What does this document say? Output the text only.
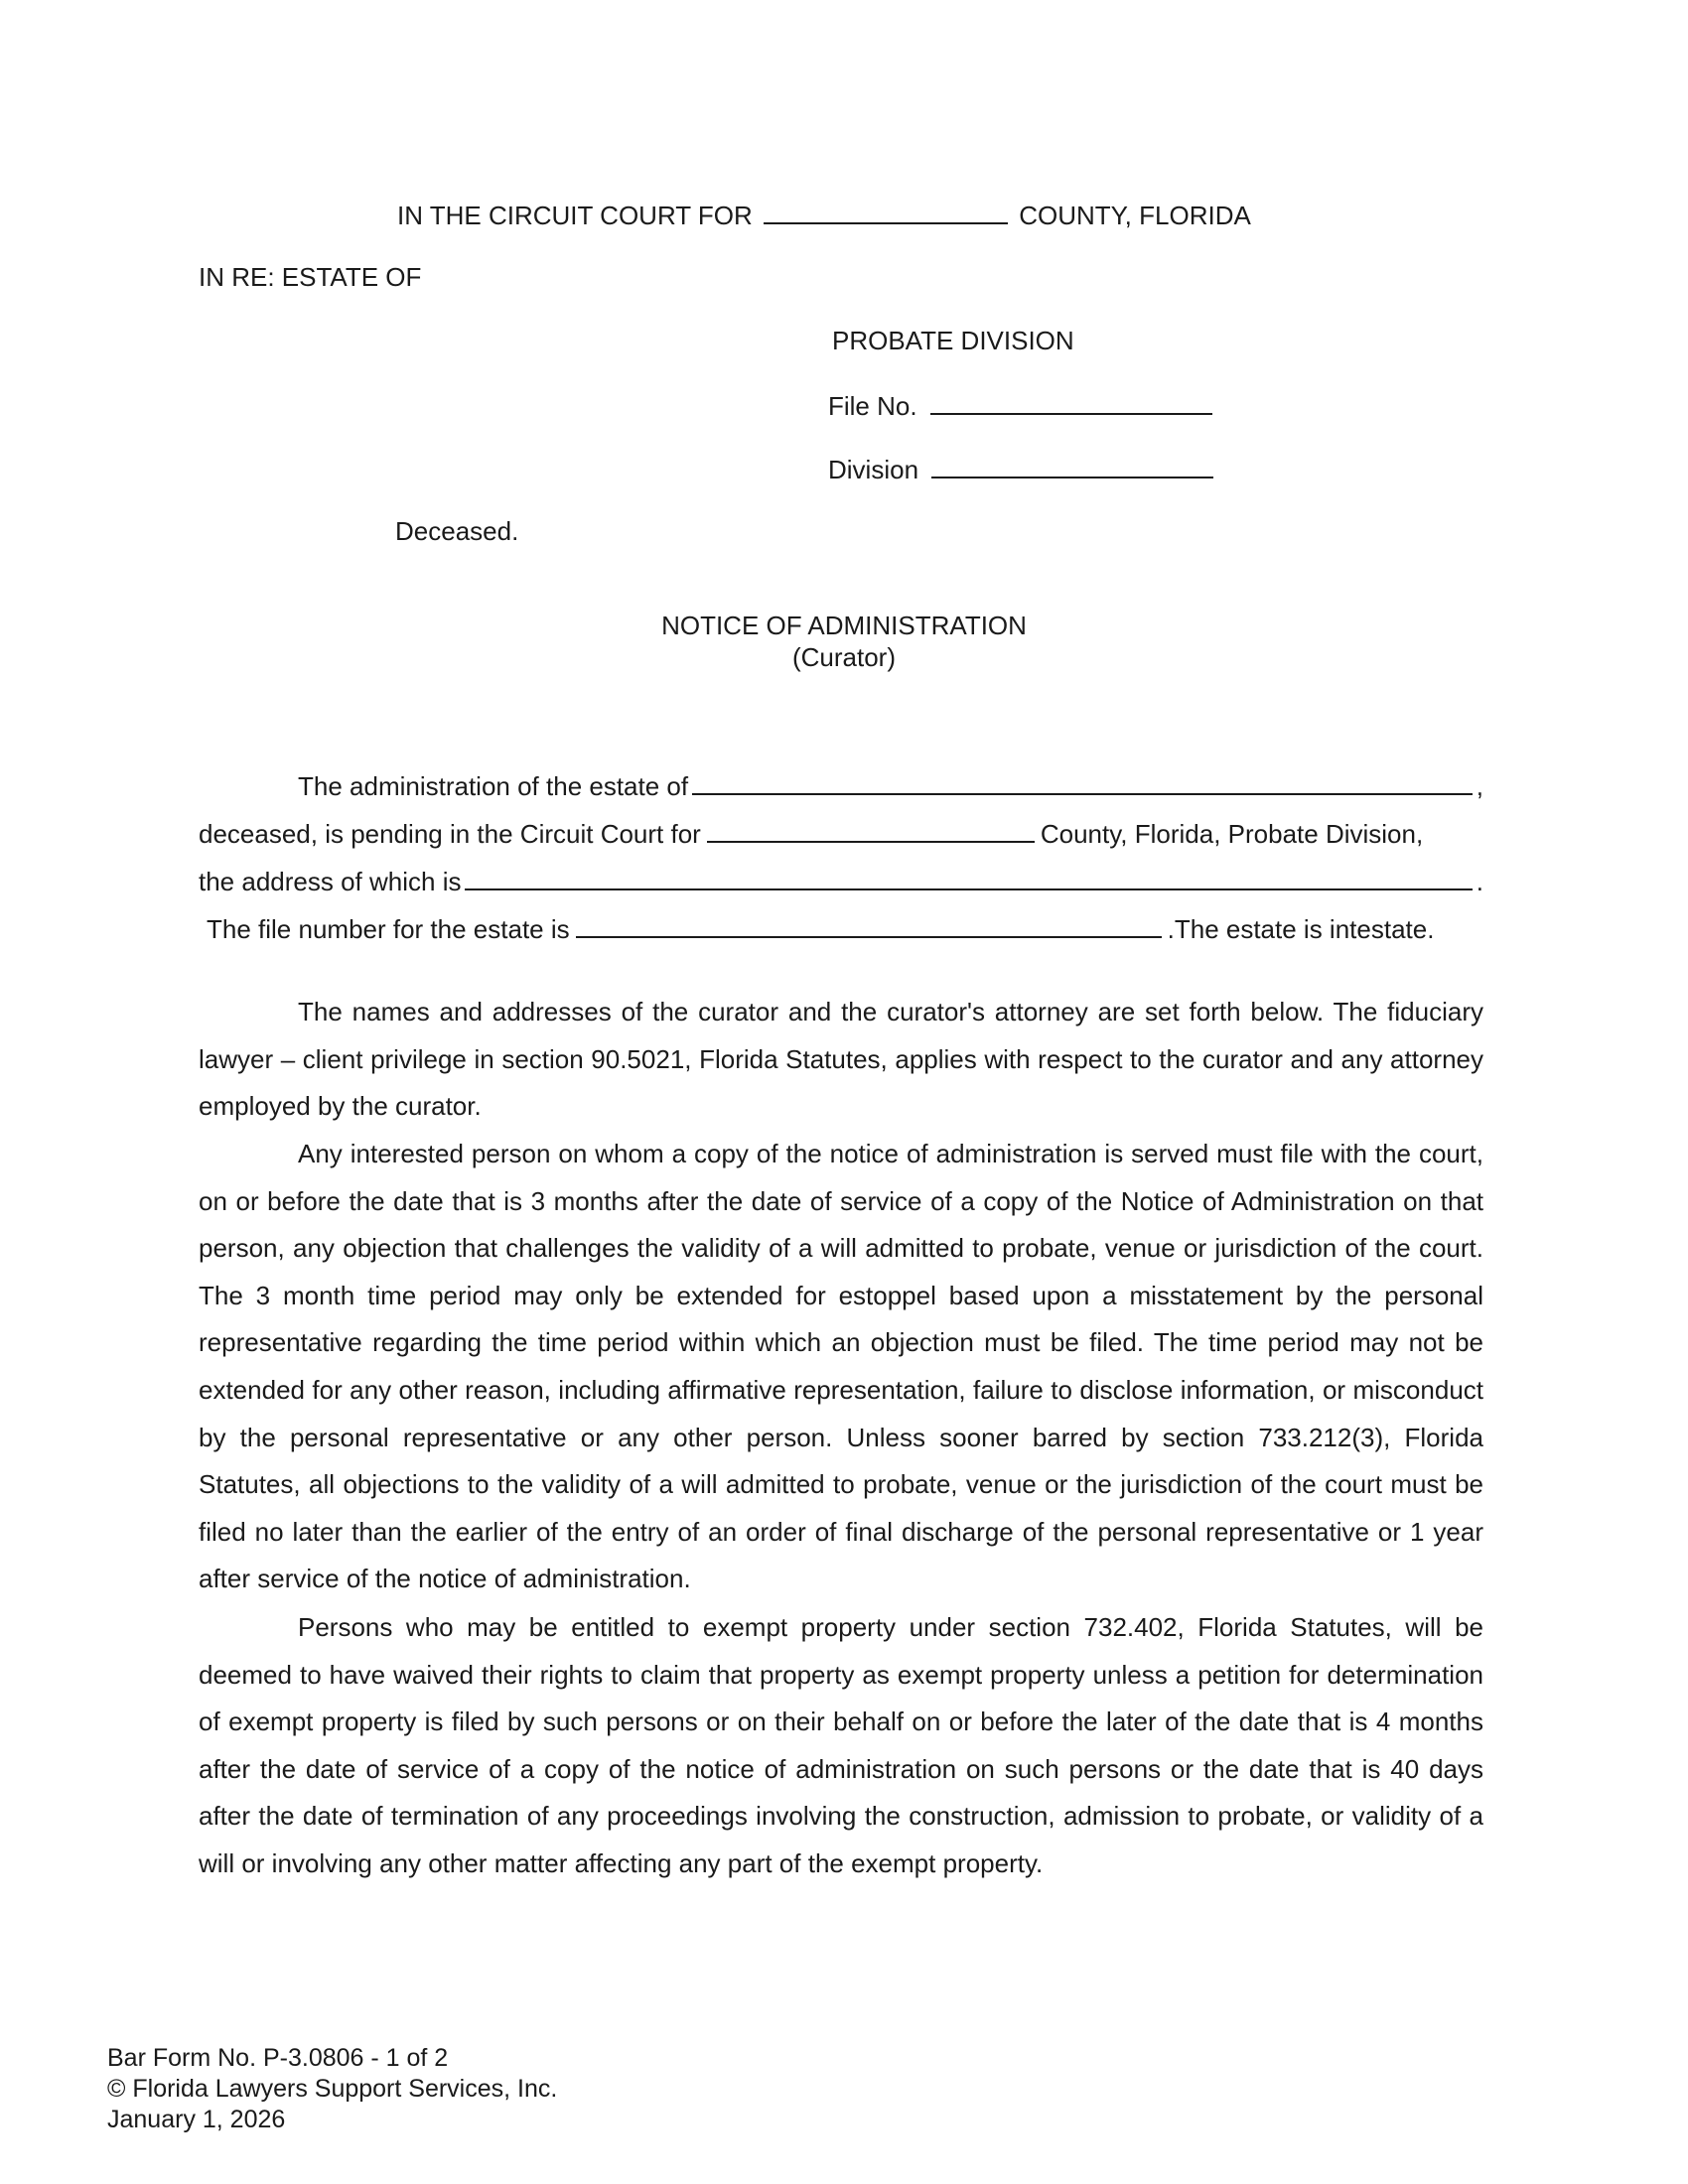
IN THE CIRCUIT COURT FOR	COUNTY, FLORIDA
IN RE: ESTATE OF
PROBATE DIVISION
File No.
Division
Deceased.
NOTICE OF ADMINISTRATION
(Curator)
The administration of the estate of	,
deceased, is pending in the Circuit Court for	County, Florida, Probate Division,
the address of which is	.
The file number for the estate is	.The estate is intestate.

The names and addresses of the curator and the curator's attorney are set forth below. The fiduciary lawyer – client privilege in section 90.5021, Florida Statutes, applies with respect to the curator and any attorney employed by the curator.

Any interested person on whom a copy of the notice of administration is served must file with the court, on or before the date that is 3 months after the date of service of a copy of the Notice of Administration on that person, any objection that challenges the validity of a will admitted to probate, venue or jurisdiction of the court. The 3 month time period may only be extended for estoppel based upon a misstatement by the personal representative regarding the time period within which an objection must be filed. The time period may not be extended for any other reason, including affirmative representation, failure to disclose information, or misconduct by the personal representative or any other person. Unless sooner barred by section 733.212(3), Florida Statutes, all objections to the validity of a will admitted to probate, venue or the jurisdiction of the court must be filed no later than the earlier of the entry of an order of final discharge of the personal representative or 1 year after service of the notice of administration.

Persons who may be entitled to exempt property under section 732.402, Florida Statutes, will be deemed to have waived their rights to claim that property as exempt property unless a petition for determination of exempt property is filed by such persons or on their behalf on or before the later of the date that is 4 months after the date of service of a copy of the notice of administration on such persons or the date that is 40 days after the date of termination of any proceedings involving the construction, admission to probate, or validity of a will or involving any other matter affecting any part of the exempt property.

Bar Form No. P-3.0806 - 1 of 2
© Florida Lawyers Support Services, Inc.
January 1, 2026
